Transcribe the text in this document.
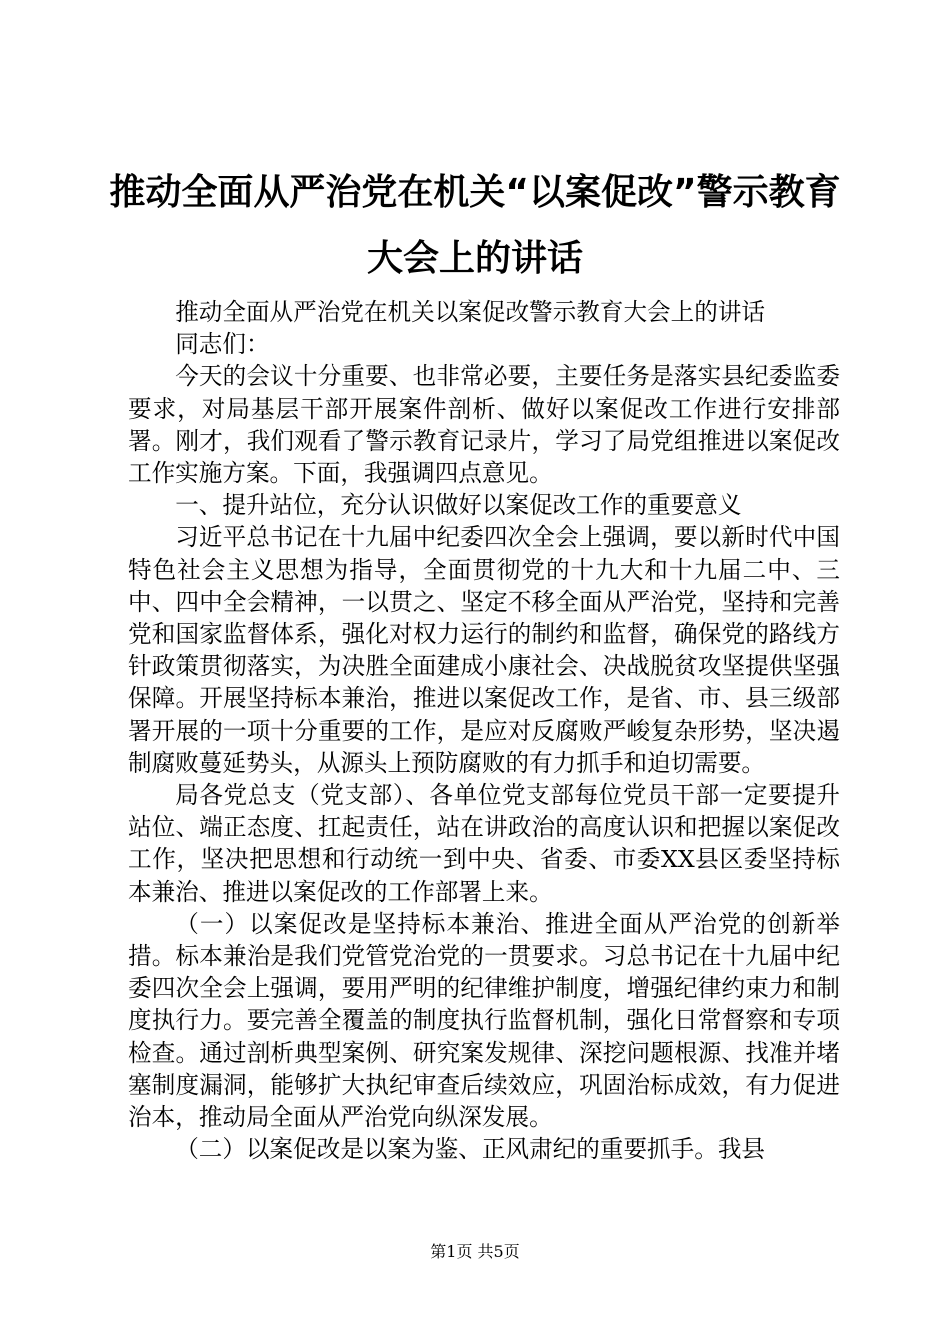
推动全面从严治党在机关“以案促改”警示教育大会上的讲话

推动全面从严治党在机关以案促改警示教育大会上的讲话

同志们：

今天的会议十分重要、也非常必要，主要任务是落实县纪委监委要求，对局基层干部开展案件剖析、做好以案促改工作进行安排部署。刚才，我们观看了警示教育记录片，学习了局党组推进以案促改工作实施方案。下面，我强调四点意见。

一、提升站位，充分认识做好以案促改工作的重要意义

习近平总书记在十九届中纪委四次全会上强调，要以新时代中国特色社会主义思想为指导，全面贯彻党的十九大和十九届二中、三中、四中全会精神，一以贯之、坚定不移全面从严治党，坚持和完善党和国家监督体系，强化对权力运行的制约和监督，确保党的路线方针政策贯彻落实，为决胜全面建成小康社会、决战脱贫攻坚提供坚强保障。开展坚持标本兼治，推进以案促改工作，是省、市、县三级部署开展的一项十分重要的工作，是应对反腐败严峻复杂形势，坚决遏制腐败蔓延势头，从源头上预防腐败的有力抓手和迫切需要。

局各党总支（党支部）、各单位党支部每位党员干部一定要提升站位、端正态度、扛起责任，站在讲政治的高度认识和把握以案促改工作，坚决把思想和行动统一到中央、省委、市委XX县区委坚持标本兼治、推进以案促改的工作部署上来。

（一）以案促改是坚持标本兼治、推进全面从严治党的创新举措。标本兼治是我们党管党治党的一贯要求。习总书记在十九届中纪委四次全会上强调，要用严明的纪律维护制度，增强纪律约束力和制度执行力。要完善全覆盖的制度执行监督机制，强化日常督察和专项检查。通过剖析典型案例、研究案发规律、深挖问题根源、找准并堵塞制度漏洞，能够扩大执纪审查后续效应，巩固治标成效，有力促进治本，推动局全面从严治党向纵深发展。

（二）以案促改是以案为鉴、正风肃纪的重要抓手。我县

第1页 共5页
